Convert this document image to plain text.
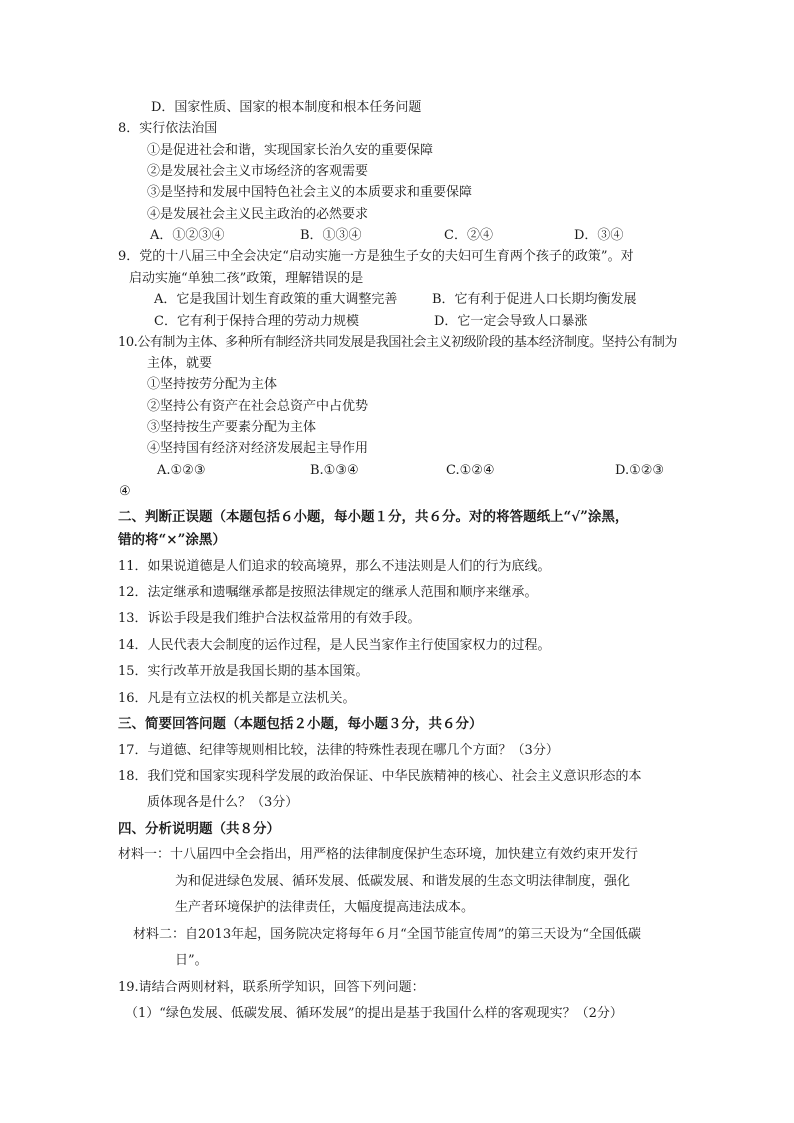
D．国家性质、国家的根本制度和根本任务问题
8．实行依法治国
①是促进社会和谐，实现国家长治久安的重要保障
②是发展社会主义市场经济的客观需要
③是坚持和发展中国特色社会主义的本质要求和重要保障
④是发展社会主义民主政治的必然要求
A．①②③④	B．①③④	C．②④	D．③④
9．党的十八届三中全会决定“启动实施一方是独生子女的夫妇可生育两个孩子的政策”。对
启动实施“单独二孩”政策，理解错误的是
A．它是我国计划生育政策的重大调整完善	B．它有利于促进人口长期均衡发展
C．它有利于保持合理的劳动力规模	D．它一定会导致人口暴涨
10.公有制为主体、多种所有制经济共同发展是我国社会主义初级阶段的基本经济制度。坚持公有制为
主体，就要
①坚持按劳分配为主体
②坚持公有资产在社会总资产中占优势
③坚持按生产要素分配为主体
④坚持国有经济对经济发展起主导作用
A.①②③	B.①③④	C.①②④	D.①②③
④
二、判断正误题（本题包括６小题，每小题１分，共６分。对的将答题纸上“√”涂黑，
错的将“×”涂黑）
11．如果说道德是人们追求的较高境界，那么不违法则是人们的行为底线。
12．法定继承和遗嘱继承都是按照法律规定的继承人范围和顺序来继承。
13．诉讼手段是我们维护合法权益常用的有效手段。
14．人民代表大会制度的运作过程，是人民当家作主行使国家权力的过程。
15．实行改革开放是我国长期的基本国策。
16．凡是有立法权的机关都是立法机关。
三、简要回答问题（本题包括２小题，每小题３分，共６分）
17．与道德、纪律等规则相比较，法律的特殊性表现在哪几个方面？（3分）
18．我们党和国家实现科学发展的政治保证、中华民族精神的核心、社会主义意识形态的本
质体现各是什么？（3分）
四、分析说明题（共８分）
材料一：十八届四中全会指出，用严格的法律制度保护生态环境，加快建立有效约束开发行
为和促进绿色发展、循环发展、低碳发展、和谐发展的生态文明法律制度，强化
生产者环境保护的法律责任，大幅度提高违法成本。
材料二：自2013年起，国务院决定将每年６月“全国节能宣传周”的第三天设为“全国低碳
日”。
19.请结合两则材料，联系所学知识，回答下列问题：
（1）“绿色发展、低碳发展、循环发展”的提出是基于我国什么样的客观现实？（2分）
